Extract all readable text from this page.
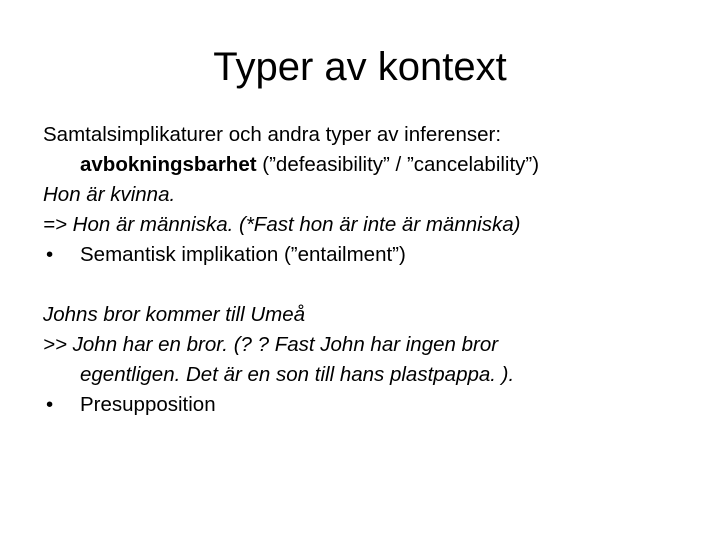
Typer av kontext
Samtalsimplikaturer och andra typer av inferenser:
avbokningsbarhet (”defeasibility” / ”cancelability”)
Hon är kvinna.
=> Hon är människa. (*Fast hon är inte är människa)
•	Semantisk implikation (”entailment”)
Johns bror kommer till Umeå
>> John har en bror. (? ? Fast John har ingen bror
egentligen. Det är en son till hans plastpappa. ).
•	Presupposition
